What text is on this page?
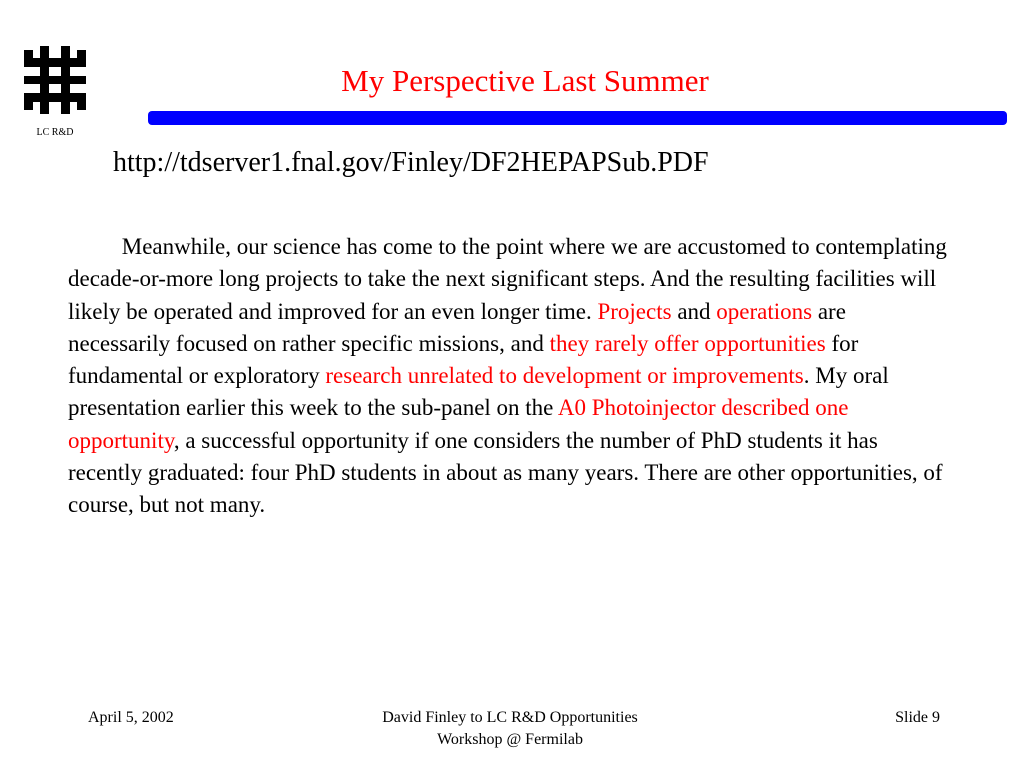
LC R&D
My Perspective Last Summer
http://tdserver1.fnal.gov/Finley/DF2HEPAPSub.PDF
Meanwhile, our science has come to the point where we are accustomed to contemplating decade-or-more long projects to take the next significant steps. And the resulting facilities will likely be operated and improved for an even longer time. Projects and operations are necessarily focused on rather specific missions, and they rarely offer opportunities for fundamental or exploratory research unrelated to development or improvements. My oral presentation earlier this week to the sub-panel on the A0 Photoinjector described one opportunity, a successful opportunity if one considers the number of PhD students it has recently graduated: four PhD students in about as many years. There are other opportunities, of course, but not many.
April 5, 2002	David Finley to LC R&D Opportunities
Workshop @ Fermilab
Slide 9
